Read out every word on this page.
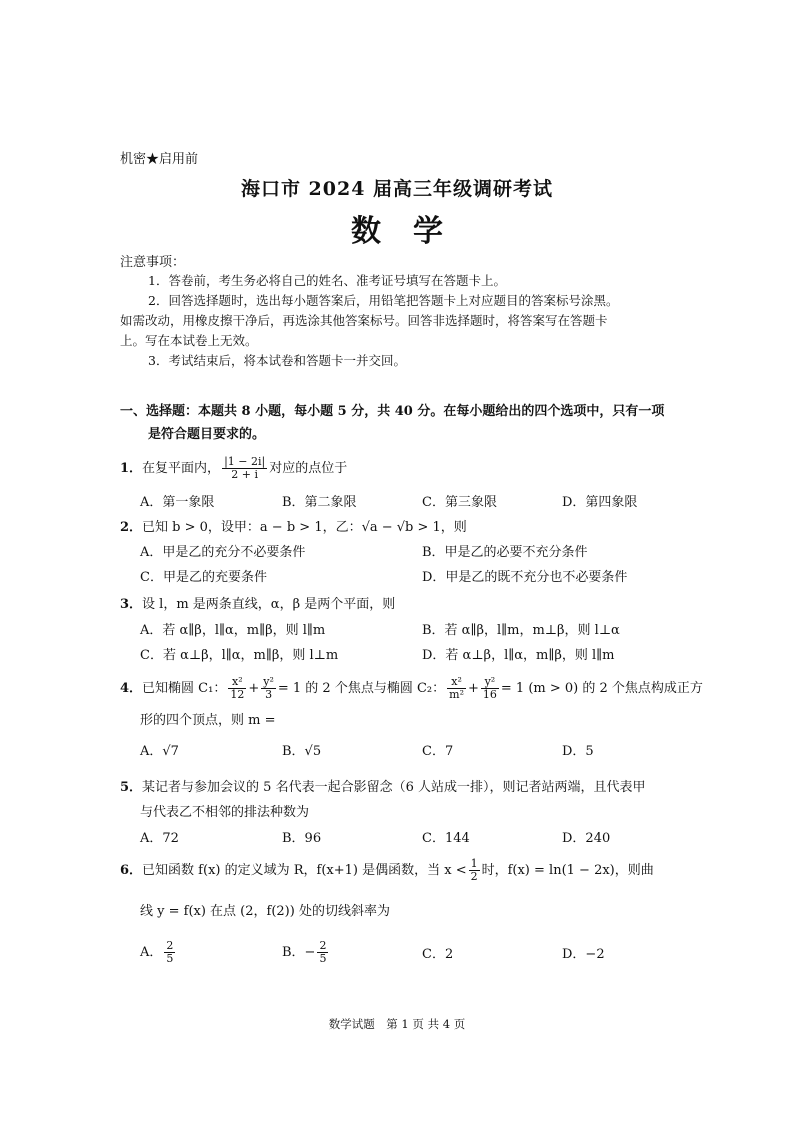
机密★启用前
海口市 2024 届高三年级调研考试
数学
注意事项：
1．答卷前，考生务必将自己的姓名、准考证号填写在答题卡上。
2．回答选择题时，选出每小题答案后，用铅笔把答题卡上对应题目的答案标号涂黑。
如需改动，用橡皮擦干净后，再选涂其他答案标号。回答非选择题时，将答案写在答题卡
上。写在本试卷上无效。
3．考试结束后，将本试卷和答题卡一并交回。
一、选择题：本题共 8 小题，每小题 5 分，共 40 分。在每小题给出的四个选项中，只有一项
是符合题目要求的。
1．在复平面内， $\frac{|1 - 2i|}{2 + i}$ 对应的点位于
A．第一象限	B．第二象限	C．第三象限	D．第四象限
2．已知 b > 0，设甲：a − b > 1，乙：√a − √b > 1，则
A．甲是乙的充分不必要条件	B．甲是乙的必要不充分条件
C．甲是乙的充要条件	D．甲是乙的既不充分也不必要条件
3．设 l，m 是两条直线，α，β 是两个平面，则
A．若 α∥β，l∥α，m∥β，则 l∥m	B．若 α∥β，l∥m，m⊥β，则 l⊥α
C．若 α⊥β，l∥α，m∥β，则 l⊥m	D．若 α⊥β，l∥α，m∥β，则 l∥m
4．已知椭圆 C₁： $\frac{\text{x²}}{12} + \frac{\text{y²}}{3} = 1$ 的 2 个焦点与椭圆 C₂： $\frac{\text{x²}}{\text{m²}} + \frac{\text{y²}}{16} = 1$ (m > 0) 的 2 个焦点构成正方
形的四个顶点，则 m =
A．√7	B．√5	C．7	D．5
5．某记者与参加会议的 5 名代表一起合影留念（6 人站成一排），则记者站两端，且代表甲
与代表乙不相邻的排法种数为
A．72	B．96	C．144	D．240
6．已知函数 f(x) 的定义域为 R，f(x+1) 是偶函数，当 $x < \frac{1}{2}$ 时，f(x) = ln(1 − 2x)，则曲
线 y = f(x) 在点 (2，f(2)) 处的切线斜率为
A． $\frac{2}{5}$	B．− $\frac{2}{5}$	C．2	D．−2
数学试题　第 1 页 共 4 页
